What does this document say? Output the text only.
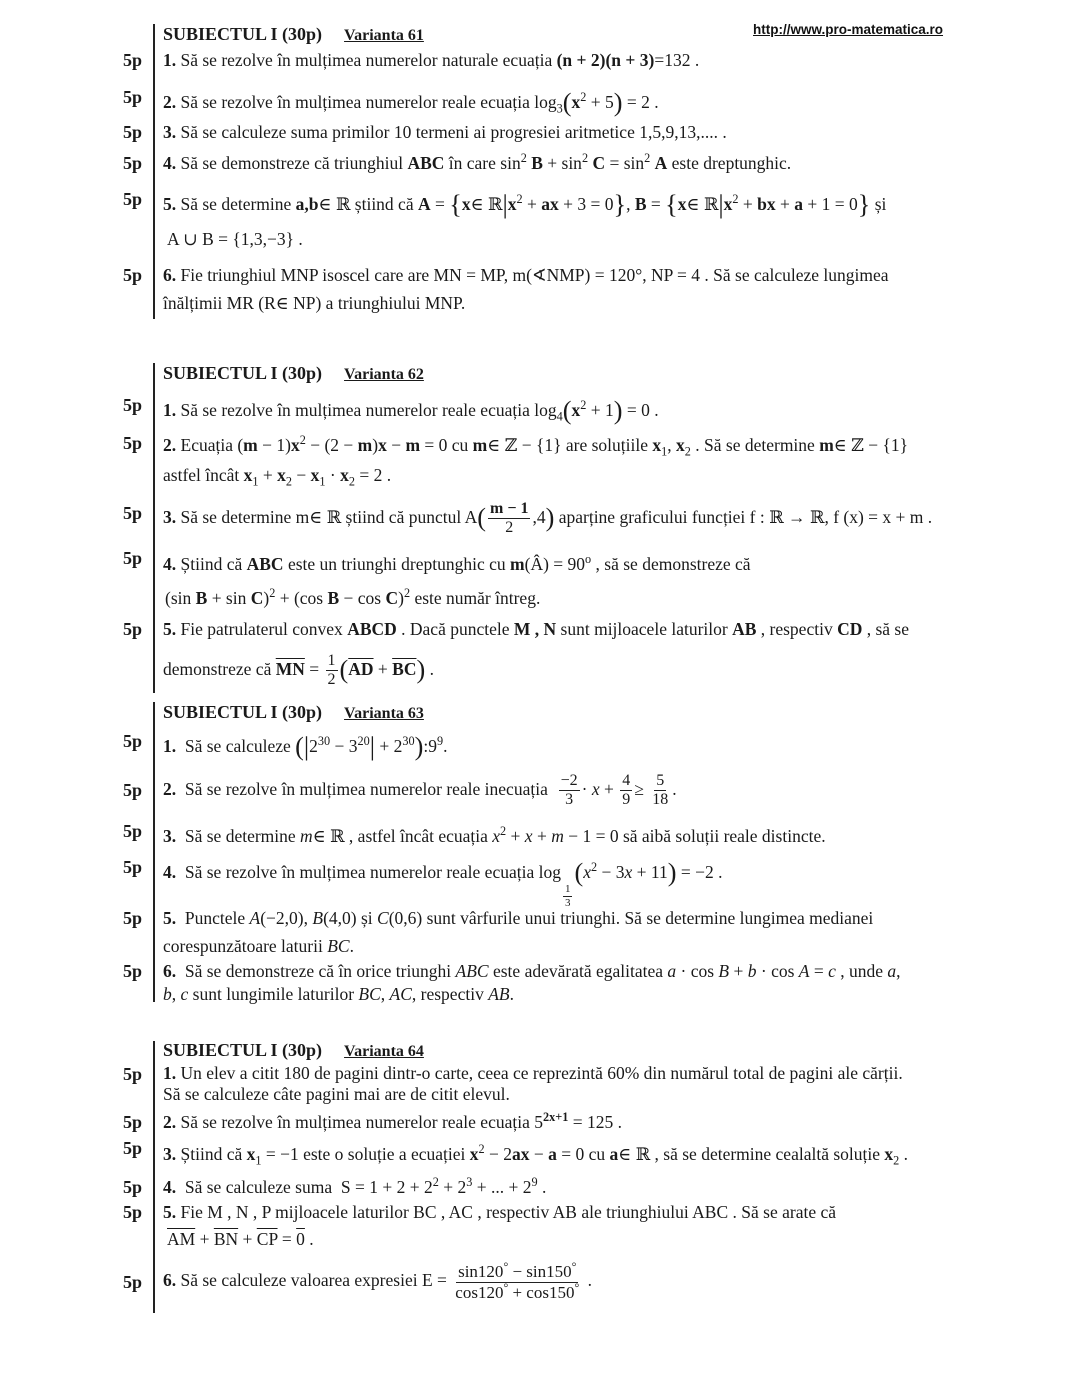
http://www.pro-matematica.ro
SUBIECTUL I (30p) Varianta 61
5p 1. Să se rezolve în mulțimea numerelor naturale ecuația (n + 2)(n + 3)=132 .
5p 2. Să se rezolve în mulțimea numerelor reale ecuația $\log_3(x^2 + 5) = 2$ .
5p 3. Să se calculeze suma primilor 10 termeni ai progresiei aritmetice 1,5,9,13,.... .
5p 4. Să se demonstreze că triunghiul ABC în care $\sin^2 B + \sin^2 C = \sin^2 A$ este dreptunghic.
5p 5. Să se determine a,b∈ ℝ știind că A = {x∈ $ℝ|x^2$ + ax + 3 = 0}, B = {x∈ $ℝ|x^2$ + bx + a + 1 = 0} și
A ∪ B = {1,3,−3} .
5p 6. Fie triunghiul MNP isoscel care are MN = MP, m(∢NMP) = 120°, NP = 4 . Să se calculeze lungimea
înălțimii MR (R∈ NP) a triunghiului MNP.
SUBIECTUL I (30p) Varianta 62
5p 1. Să se rezolve în mulțimea numerelor reale ecuația $\log_4(x^2 + 1) = 0$ .
5p 2. Ecuația $(m - 1)x^2 - (2 - m)x - m = 0$ cu m∈ ℤ − {1} are soluțiile $x_1$, $x_2$ . Să se determine m∈ ℤ − {1}
astfel încât $x_1 + x_2 - x_1 \cdot x_2 = 2$ .
5p 3. Să se determine m∈ ℝ știind că punctul $A( \frac{m - 1}{2} ,4)$ aparține graficului funcției f : ℝ → ℝ, f (x) = x + m .
5p 4. Știind că ABC este un triunghi dreptunghic cu m(Â) = $90^o$ , să se demonstreze că
(sin B + sin C)$^2$ + (cos B − cos C)$^2$ este număr întreg.
5p 5. Fie patrulaterul convex ABCD . Dacă punctele M , N sunt mijloacele laturilor AB , respectiv CD , să se
demonstreze că $\overline{MN} = \frac{1}{2} (\overline{AD} + \overline{BC})$ .
SUBIECTUL I (30p) Varianta 63
5p 1. Să se calculeze ($|2^{30} - 3^{20}|$ + $2^{30}):9^9$.
5p 2. Să se rezolve în mulțimea numerelor reale inecuația $\frac{-2}{3} \cdot x + \frac{4}{9} \ge \frac{5}{18}$ .
5p 3.  Să se determine m∈ ℝ , astfel încât ecuația $x^2 + x + m - 1 = 0$ să aibă soluții reale distincte.
5p 4. Să se rezolve în mulțimea numerelor reale ecuația log
$\frac{1}{3}$
$(x^2 - 3x + 11) = -2$ .
5p 5.  Punctele A(−2,0), B(4,0) și C(0,6) sunt vârfurile unui triunghi. Să se determine lungimea medianei
corespunzătoare laturii BC.
5p 6.  Să se demonstreze că în orice triunghi ABC este adevărată egalitatea a · cos B + b · cos A = c , unde a,
b, c sunt lungimile laturilor BC, AC, respectiv AB.
SUBIECTUL I (30p) Varianta 64
5p 1. Un elev a citit 180 de pagini dintr-o carte, ceea ce reprezintă 60% din numărul total de pagini ale cărții.
Să se calculeze câte pagini mai are de citit elevul.
5p 2. Să se rezolve în mulțimea numerelor reale ecuația $5^{2x+1} = 125$ .
5p 3. Știind că $x_1 = -1$ este o soluție a ecuației $x^2 - 2ax - a = 0$ cu a∈ ℝ , să se determine cealaltă soluție $x_2$ .
5p 4. Să se calculeze suma  $S = 1 + 2 + 2^2 + 2^3$ + ... + $2^9$ .
5p 5. Fie M , N , P mijloacele laturilor BC , AC , respectiv AB ale triunghiului ABC . Să se arate că
$\overline{AM} + \overline{BN} + \overline{CP} = 0$ .
5p 6. Să se calculeze valoarea expresiei $E = \frac{\sin 120^\circ - \sin 150^\circ}{\cos 120^\circ + \cos 150^\circ}$ .
